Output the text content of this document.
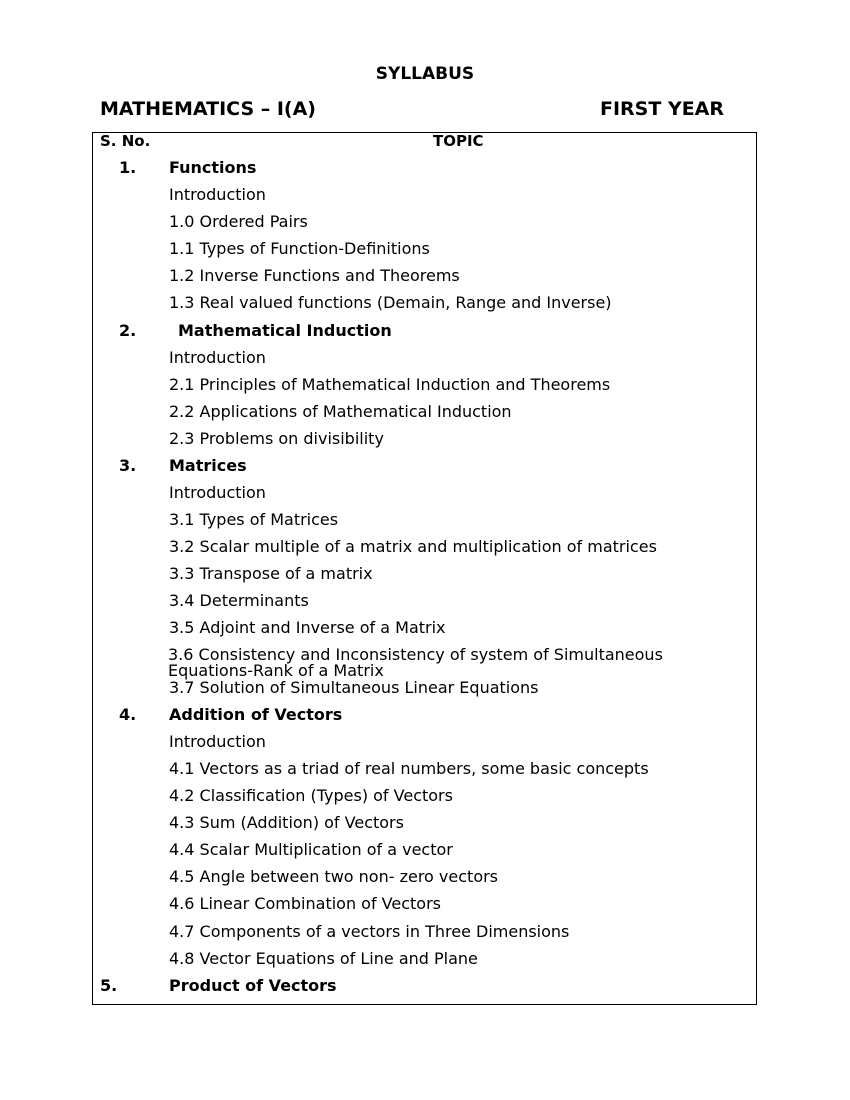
SYLLABUS
MATHEMATICS – I(A)	FIRST YEAR
S. No.	TOPIC
1. Functions
Introduction
1.0 Ordered Pairs
1.1 Types of Function-Definitions
1.2 Inverse Functions and Theorems
1.3 Real valued functions (Demain, Range and Inverse)
2.	Mathematical Induction
Introduction
2.1 Principles of Mathematical Induction and Theorems
2.2 Applications of Mathematical Induction
2.3 Problems on divisibility
3. Matrices
Introduction
3.1 Types of Matrices
3.2 Scalar multiple of a matrix and multiplication of matrices
3.3 Transpose of a matrix
3.4 Determinants
3.5 Adjoint and Inverse of a Matrix
3.6 Consistency and Inconsistency of system of Simultaneous Equations-Rank of a Matrix
3.7 Solution of Simultaneous Linear Equations
4. Addition of Vectors
Introduction
4.1 Vectors as a triad of real numbers, some basic concepts
4.2 Classification (Types) of Vectors
4.3 Sum (Addition) of Vectors
4.4 Scalar Multiplication of a vector
4.5 Angle between two non- zero vectors
4.6 Linear Combination of Vectors
4.7 Components of a vectors in Three Dimensions
4.8 Vector Equations of Line and Plane
5.	Product of Vectors
